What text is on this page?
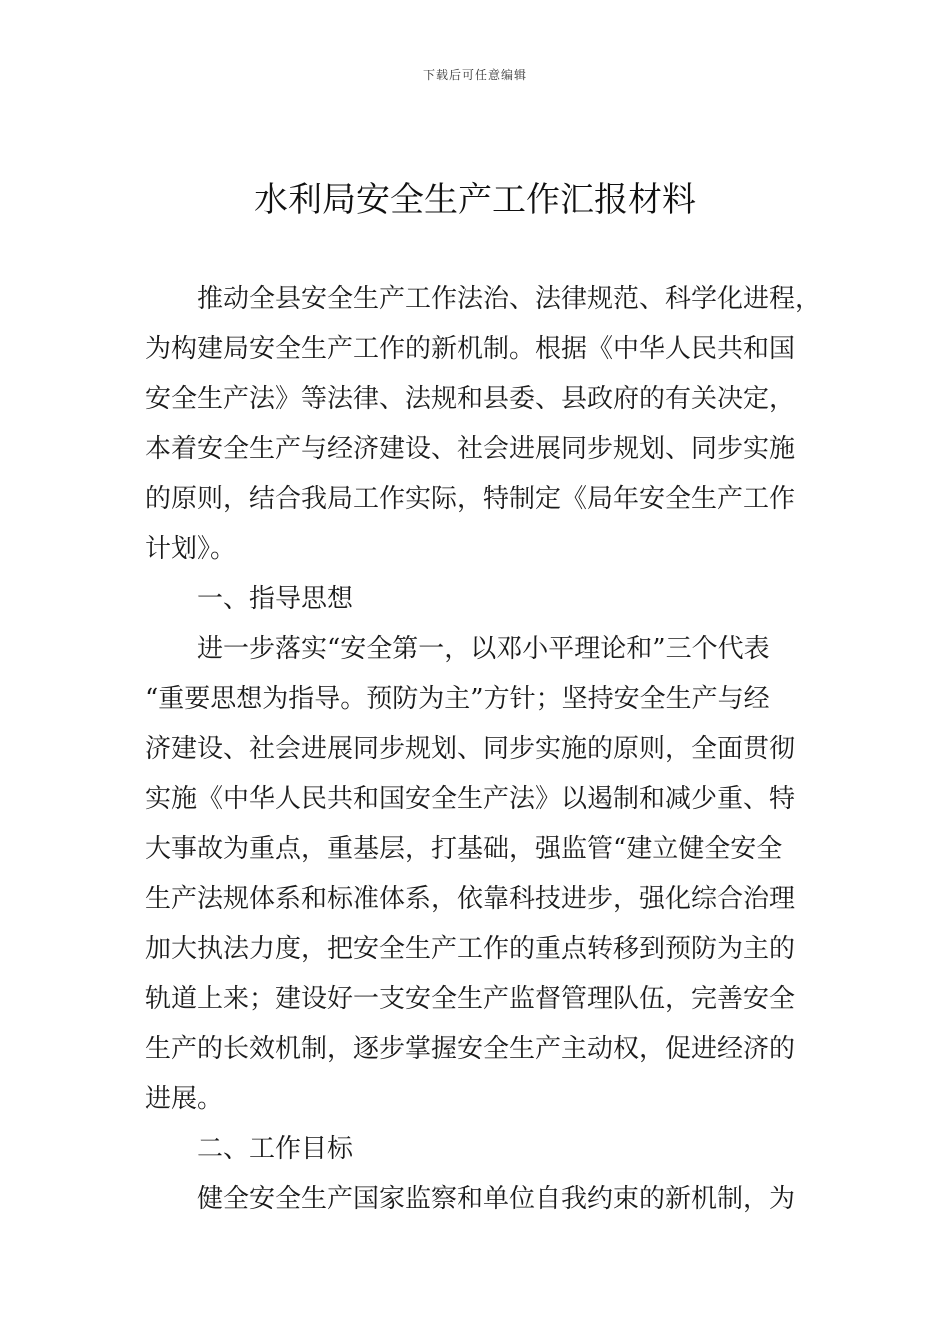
下载后可任意编辑
水利局安全生产工作汇报材料
推动全县安全生产工作法治、法律规范、科学化进程，
为构建局安全生产工作的新机制。根据《中华人民共和国
安全生产法》等法律、法规和县委、县政府的有关决定，
本着安全生产与经济建设、社会进展同步规划、同步实施
的原则，结合我局工作实际，特制定《局年安全生产工作
计划》。
一、指导思想
进一步落实“安全第一，以邓小平理论和”三个代表
“重要思想为指导。预防为主”方针；坚持安全生产与经
济建设、社会进展同步规划、同步实施的原则，全面贯彻
实施《中华人民共和国安全生产法》以遏制和减少重、特
大事故为重点，重基层，打基础，强监管“建立健全安全
生产法规体系和标准体系，依靠科技进步，强化综合治理
加大执法力度，把安全生产工作的重点转移到预防为主的
轨道上来；建设好一支安全生产监督管理队伍，完善安全
生产的长效机制，逐步掌握安全生产主动权，促进经济的
进展。
二、工作目标
健全安全生产国家监察和单位自我约束的新机制，为
